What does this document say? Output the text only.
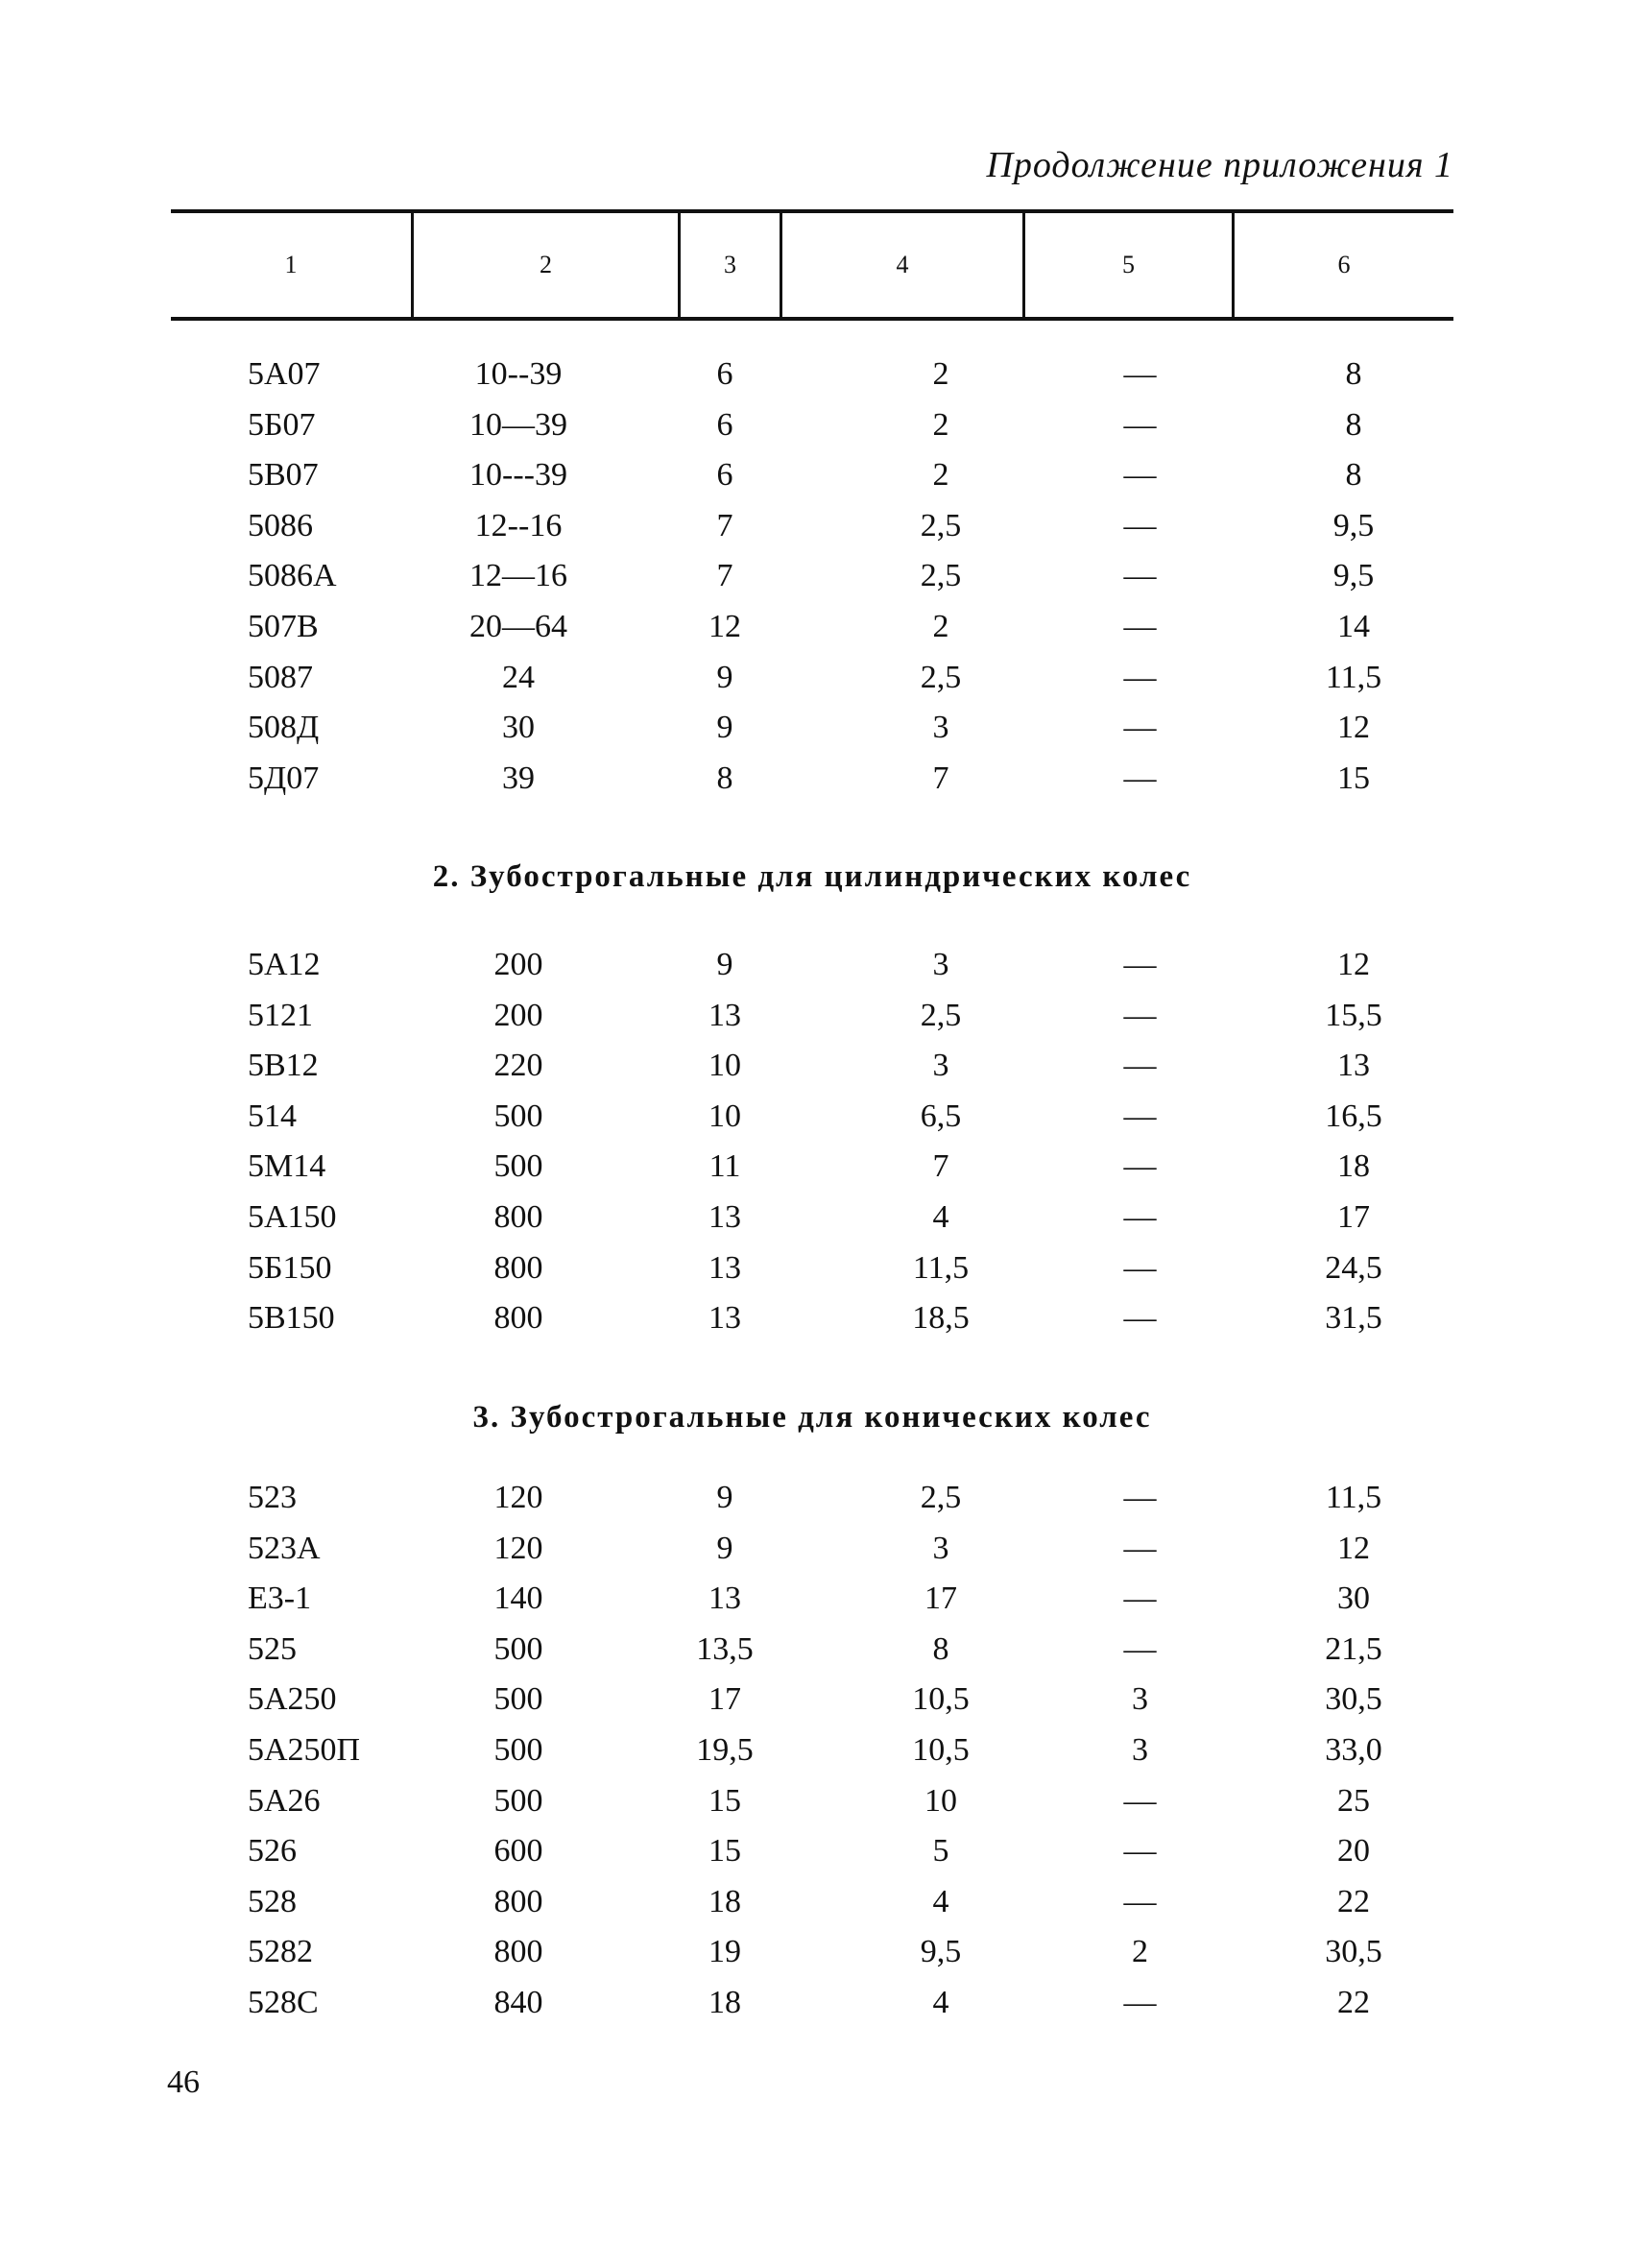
Продолжение приложения 1
1	2	3	4	5	6
5А07	10--39	6	2	—	8
5Б07	10—39	6	2	—	8
5В07	10---39	6	2	—	8
5086	12--16	7	2,5	—	9,5
5086А	12—16	7	2,5	—	9,5
507В	20—64	12	2	—	14
5087	24	9	2,5	—	11,5
508Д	30	9	3	—	12
5Д07	39	8	7	—	15
2. Зубострогальные для цилиндрических колес
5А12	200	9	3	—	12
5121	200	13	2,5	—	15,5
5В12	220	10	3	—	13
514	500	10	6,5	—	16,5
5М14	500	11	7	—	18
5А150	800	13	4	—	17
5Б150	800	13	11,5	—	24,5
5В150	800	13	18,5	—	31,5
3. Зубострогальные для конических колес
523	120	9	2,5	—	11,5
523А	120	9	3	—	12
Е3-1	140	13	17	—	30
525	500	13,5	8	—	21,5
5А250	500	17	10,5	3	30,5
5А250П	500	19,5	10,5	3	33,0
5А26	500	15	10	—	25
526	600	15	5	—	20
528	800	18	4	—	22
5282	800	19	9,5	2	30,5
528С	840	18	4	—	22
46
